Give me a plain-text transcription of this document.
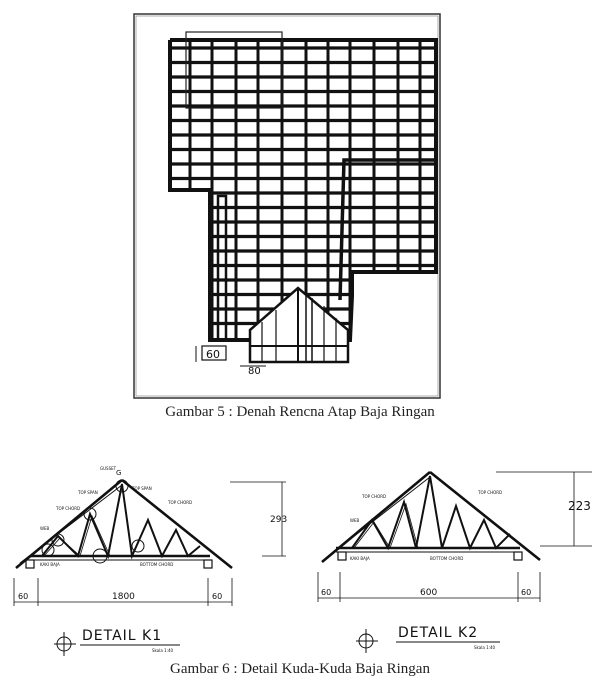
60
80
G
TOP SPAN
TOP SPAN
TOP CHORD
TOP CHORD
WEB
GUSSET
BOTTOM CHORD
KAKI BAJA
293
60	1800	60
DETAIL K1
Skala 1:40
TOP CHORD
TOP CHORD
WEB
BOTTOM CHORD
KAKI BAJA
223
60	600	60
DETAIL K2
Skala 1:40
Gambar 5 : Denah Rencna Atap Baja Ringan
Gambar 6 : Detail Kuda-Kuda Baja Ringan
